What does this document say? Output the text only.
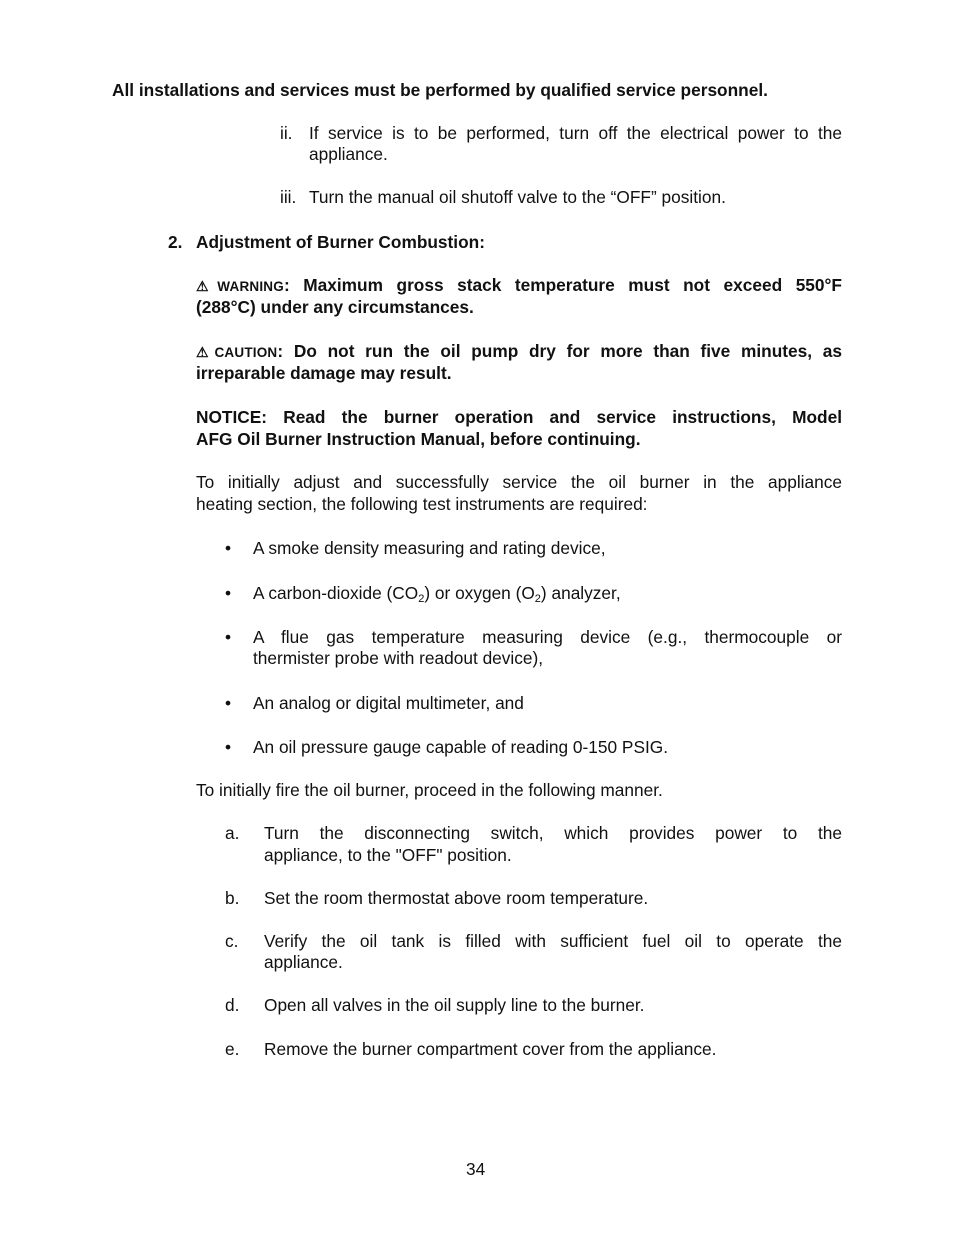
All installations and services must be performed by qualified service personnel.
ii. If service is to be performed, turn off the electrical power to the
appliance.
iii. Turn the manual oil shutoff valve to the “OFF” position.
2. Adjustment of Burner Combustion:
⚠WARNING: Maximum gross stack temperature must not exceed 550°F
(288°C) under any circumstances.
⚠CAUTION: Do not run the oil pump dry for more than five minutes, as
irreparable damage may result.
NOTICE: Read the burner operation and service instructions, Model
AFG Oil Burner Instruction Manual, before continuing.
To initially adjust and successfully service the oil burner in the appliance
heating section, the following test instruments are required:
• A smoke density measuring and rating device,
• A carbon-dioxide $(CO_2)$ or oxygen $(O_2)$ analyzer,
• A flue gas temperature measuring device (e.g., thermocouple or
thermister probe with readout device),
• An analog or digital multimeter, and
• An oil pressure gauge capable of reading 0-150 PSIG.
To initially fire the oil burner, proceed in the following manner.
a. Turn the disconnecting switch, which provides power to the
appliance, to the "OFF" position.
b. Set the room thermostat above room temperature.
c. Verify the oil tank is filled with sufficient fuel oil to operate the
appliance.
d. Open all valves in the oil supply line to the burner.
e. Remove the burner compartment cover from the appliance.
34
